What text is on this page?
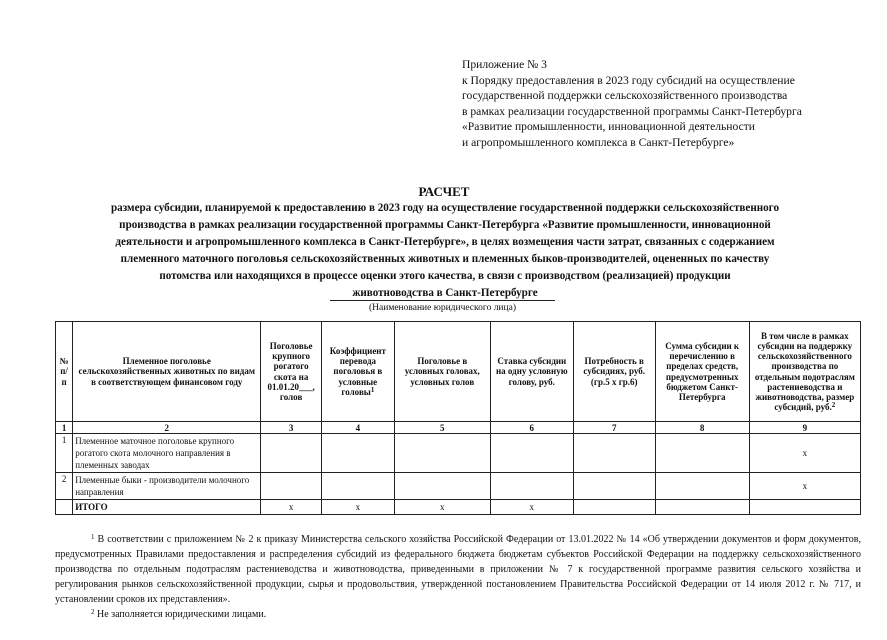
Приложение № 3
к Порядку предоставления в 2023 году субсидий на осуществление
государственной поддержки сельскохозяйственного производства
в рамках реализации государственной программы Санкт-Петербурга
«Развитие промышленности, инновационной деятельности
и агропромышленного комплекса в Санкт-Петербурге»
РАСЧЕТ
размера субсидии, планируемой к предоставлению в 2023 году на осуществление государственной поддержки сельскохозяйственного
производства в рамках реализации государственной программы Санкт-Петербурга «Развитие промышленности, инновационной
деятельности и агропромышленного комплекса в Санкт-Петербурге», в целях возмещения части затрат, связанных с содержанием
племенного маточного поголовья сельскохозяйственных животных и племенных быков-производителей, оцененных по качеству
потомства или находящихся в процессе оценки этого качества, в связи с производством (реализацией) продукции
животноводства в Санкт-Петербурге
(Наименование юридического лица)
№ п/п	Племенное поголовье сельскохозяйственных животных по видам в соответствующем финансовом году	Поголовье крупного рогатого скота на 01.01.20___, голов	Коэффициент перевода поголовья в условные головы$^1$	Поголовье в условных головах, условных голов	Ставка субсидии на одну условную голову, руб.	Потребность в субсидиях, руб. (гр.5 х гр.6)	Сумма субсидии к перечислению в пределах средств, предусмотренных бюджетом Санкт-Петербурга	В том числе в рамках субсидии на поддержку сельскохозяйственного производства по отдельным подотраслям растениеводства и животноводства, размер субсидий, руб.$^2$
1	2	3	4	5	6	7	8	9
1	Племенное маточное поголовье крупного рогатого скота молочного направления в племенных заводах							х
2	Племенные быки - производители молочного направления							х
	ИТОГО	х	х	х	х			

$^1$ В соответствии с приложением № 2 к приказу Министерства сельского хозяйства Российской Федерации от 13.01.2022 № 14 «Об утверждении документов и форм документов, предусмотренных Правилами предоставления и распределения субсидий из федерального бюджета бюджетам субъектов Российской Федерации на поддержку сельскохозяйственного производства по отдельным подотраслям растениеводства и животноводства, приведенными в приложении № 7 к государственной программе развития сельского хозяйства и регулирования рынков сельскохозяйственной продукции, сырья и продовольствия, утвержденной постановлением Правительства Российской Федерации от 14 июля 2012 г. № 717, и установлении сроков их представления».

$^2$ Не заполняется юридическими лицами.
